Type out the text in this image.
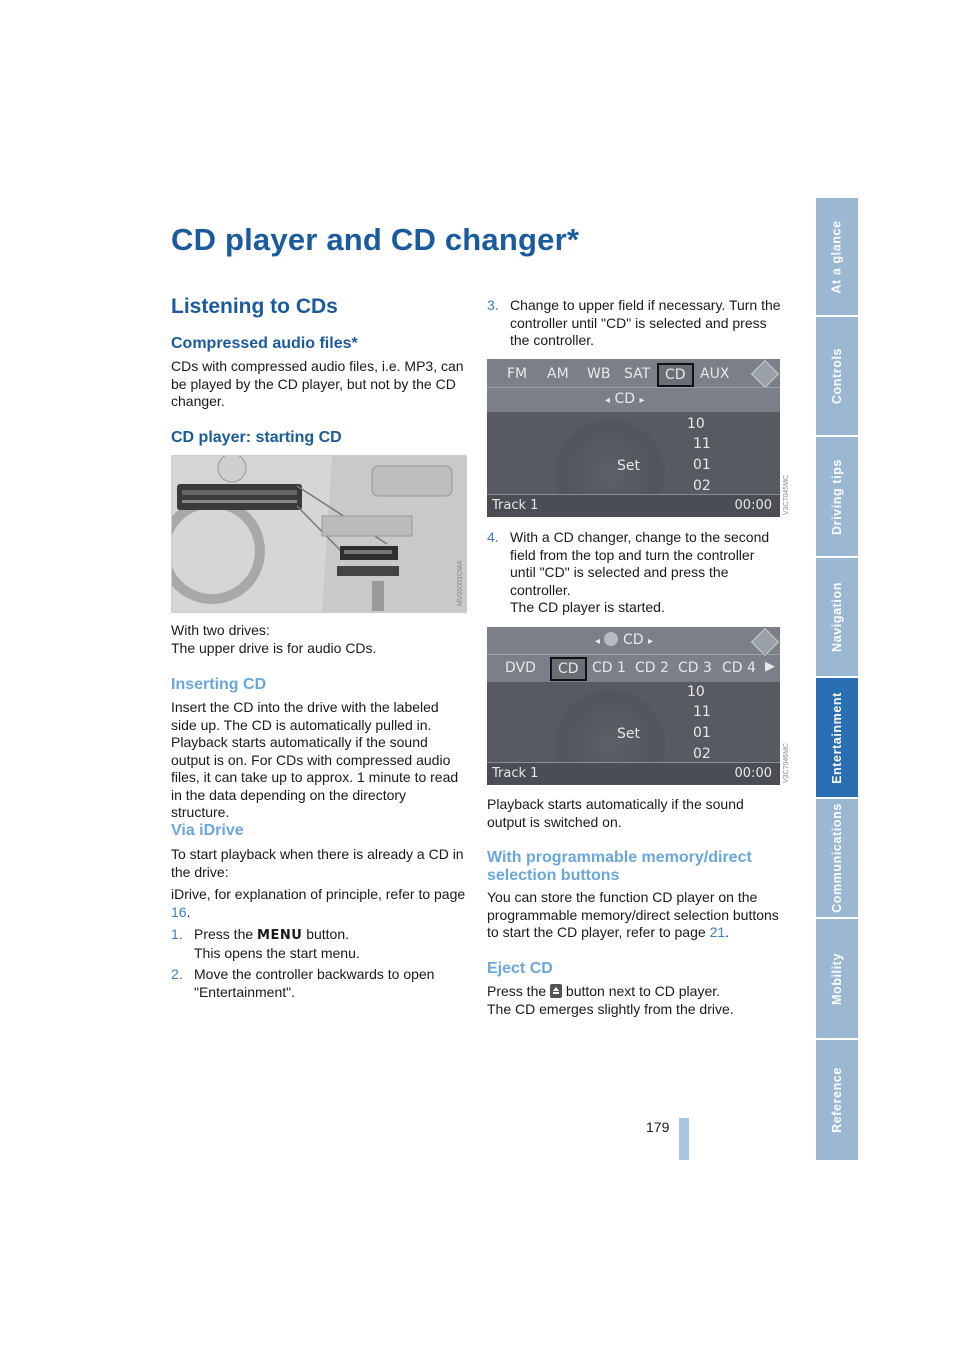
CD player and CD changer*	At a glance
Controls
Driving tips
Navigation
Entertainment
Communications
Mobility
Reference
Listening to CDs
Compressed audio files*

CDs with compressed audio files, i.e. MP3, can be played by the CD player, but not by the CD changer.

CD player: starting CD
MV05001CMA

With two drives:

The upper drive is for audio CDs.

Inserting CD

Insert the CD into the drive with the labeled side up. The CD is automatically pulled in. Playback starts automatically if the sound output is on. For CDs with compressed audio files, it can take up to approx. 1 minute to read in the data depending on the directory structure.

Via iDrive

To start playback when there is already a CD in the drive:

iDrive, for explanation of principle, refer to page 16.

1. Press the MENU button.
This opens the start menu.
2. Move the controller backwards to open "Entertainment".
3. Change to upper field if necessary. Turn the controller until "CD" is selected and press the controller.
FM AM WB SAT	CD	AUX
◂ CD ▸
Set
10
11
01
02
Track 1	00:00 V3C7045MC
4. With a CD changer, change to the second field from the top and turn the controller until "CD" is selected and press the controller.
The CD player is started.
◂ CD ▸
DVD	CD CD 1 CD 2 CD 3 CD 4 ▶
Set
10
11
01
02
Track 1	00:00 V3C7046MC

Playback starts automatically if the sound output is switched on.

With programmable memory/direct selection buttons

You can store the function CD player on the programmable memory/direct selection buttons to start the CD player, refer to page 21.

Eject CD

Press the button next to CD player.

The CD emerges slightly from the drive.

179
